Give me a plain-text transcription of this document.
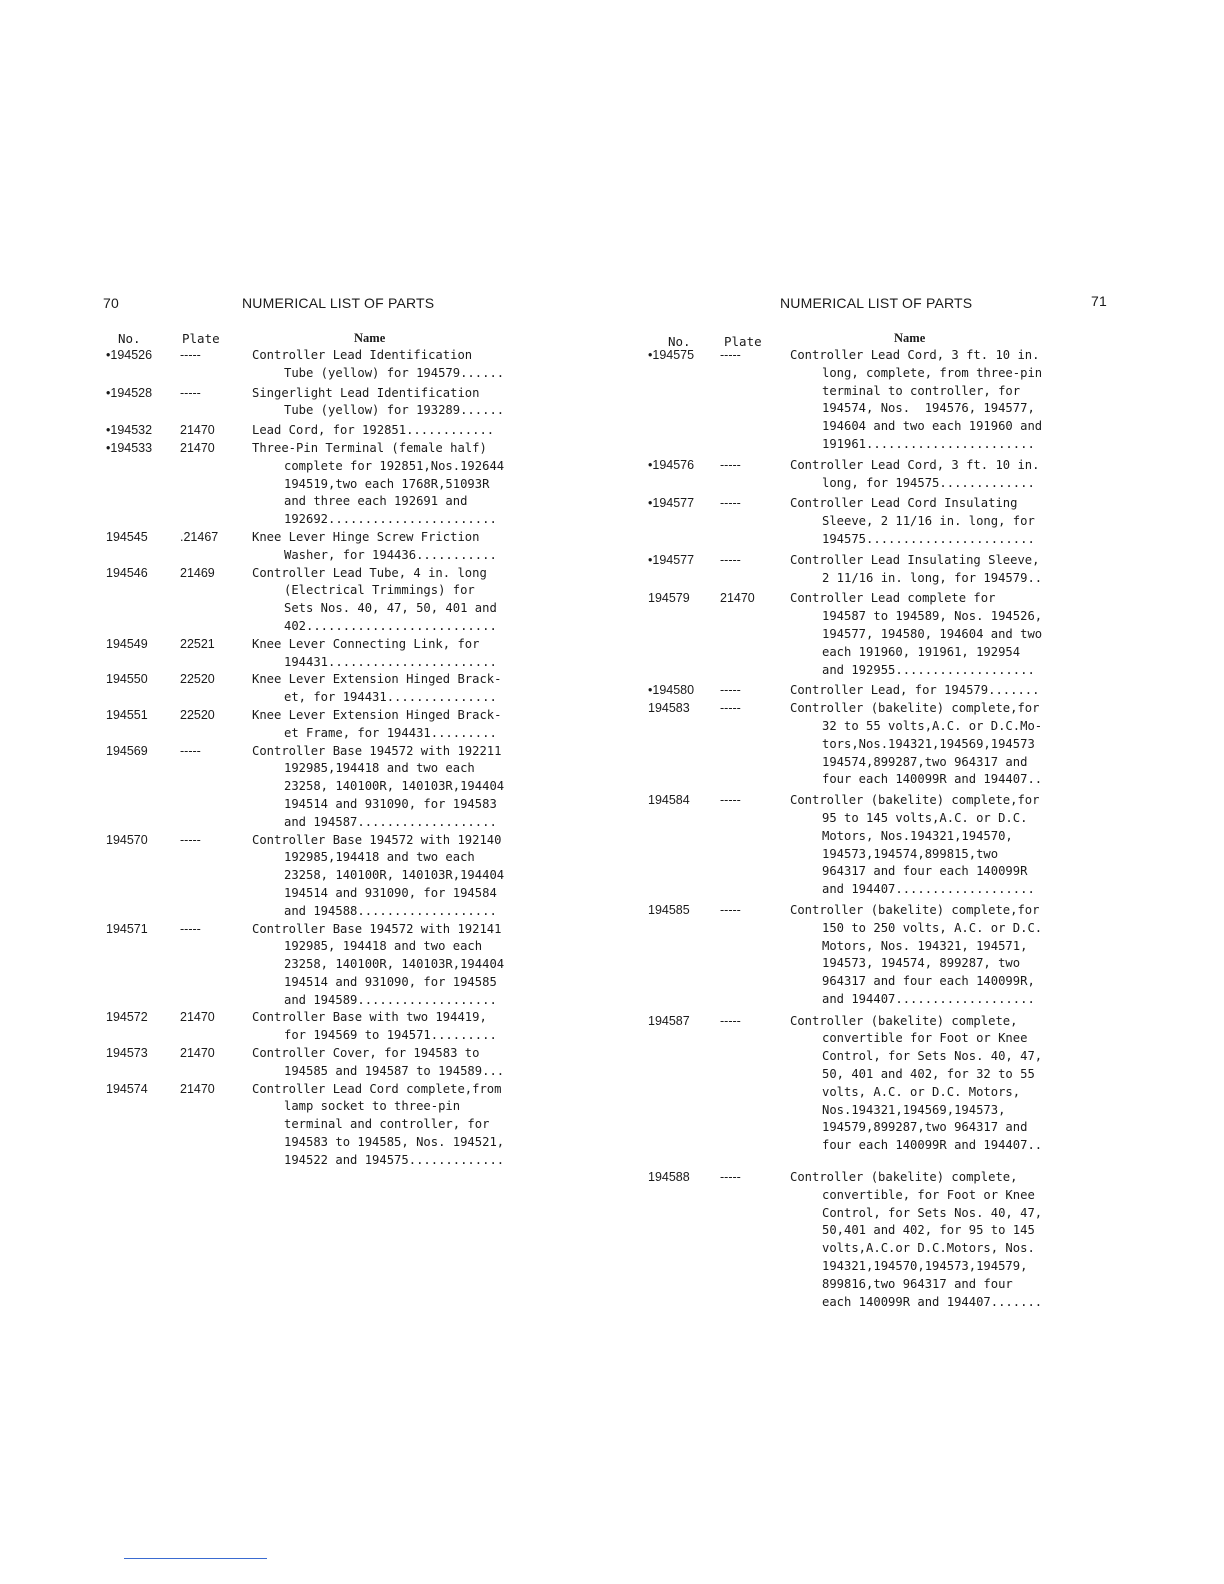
70	NUMERICAL LIST OF PARTS
No.	Plate	Name
•194526	-----	Controller Lead Identification
Tube (yellow) for 194579......
•194528	-----	Singerlight Lead Identification
Tube (yellow) for 193289......
•194532	21470	Lead Cord, for 192851............
•194533	21470	Three-Pin Terminal (female half)
complete for 192851,Nos.192644
194519,two each 1768R,51093R
and three each 192691 and
192692.......................
194545	.21467	Knee Lever Hinge Screw Friction
Washer, for 194436...........
194546	21469	Controller Lead Tube, 4 in. long
(Electrical Trimmings) for
Sets Nos. 40, 47, 50, 401 and
402..........................
194549	22521	Knee Lever Connecting Link, for
194431.......................
194550	22520	Knee Lever Extension Hinged Brack-
et, for 194431...............
194551	22520	Knee Lever Extension Hinged Brack-
et Frame, for 194431.........
194569	-----	Controller Base 194572 with 192211
192985,194418 and two each
23258, 140100R, 140103R,194404
194514 and 931090, for 194583
and 194587...................
194570	-----	Controller Base 194572 with 192140
192985,194418 and two each
23258, 140100R, 140103R,194404
194514 and 931090, for 194584
and 194588...................
194571	-----	Controller Base 194572 with 192141
192985, 194418 and two each
23258, 140100R, 140103R,194404
194514 and 931090, for 194585
and 194589...................
194572	21470	Controller Base with two 194419,
for 194569 to 194571.........
194573	21470	Controller Cover, for 194583 to
194585 and 194587 to 194589...
194574	21470	Controller Lead Cord complete,from
lamp socket to three-pin
terminal and controller, for
194583 to 194585, Nos. 194521,
194522 and 194575.............
NUMERICAL LIST OF PARTS	71
No.	Plate	Name
•194575	-----	Controller Lead Cord, 3 ft. 10 in.
long, complete, from three-pin
terminal to controller, for
194574, Nos.  194576, 194577,
194604 and two each 191960 and
191961.......................
•194576	-----	Controller Lead Cord, 3 ft. 10 in.
long, for 194575.............
•194577	-----	Controller Lead Cord Insulating
Sleeve, 2 11/16 in. long, for
194575.......................
•194577	-----	Controller Lead Insulating Sleeve,
2 11/16 in. long, for 194579..
194579	21470	Controller Lead complete for
194587 to 194589, Nos. 194526,
194577, 194580, 194604 and two
each 191960, 191961, 192954
and 192955...................
•194580	-----	Controller Lead, for 194579.......
194583	-----	Controller (bakelite) complete,for
32 to 55 volts,A.C. or D.C.Mo-
tors,Nos.194321,194569,194573
194574,899287,two 964317 and
four each 140099R and 194407..
194584	-----	Controller (bakelite) complete,for
95 to 145 volts,A.C. or D.C.
Motors, Nos.194321,194570,
194573,194574,899815,two
964317 and four each 140099R
and 194407...................
194585	-----	Controller (bakelite) complete,for
150 to 250 volts, A.C. or D.C.
Motors, Nos. 194321, 194571,
194573, 194574, 899287, two
964317 and four each 140099R,
and 194407...................
194587	-----	Controller (bakelite) complete,
convertible for Foot or Knee
Control, for Sets Nos. 40, 47,
50, 401 and 402, for 32 to 55
volts, A.C. or D.C. Motors,
Nos.194321,194569,194573,
194579,899287,two 964317 and
four each 140099R and 194407..
194588	-----	Controller (bakelite) complete,
convertible, for Foot or Knee
Control, for Sets Nos. 40, 47,
50,401 and 402, for 95 to 145
volts,A.C.or D.C.Motors, Nos.
194321,194570,194573,194579,
899816,two 964317 and four
each 140099R and 194407.......
